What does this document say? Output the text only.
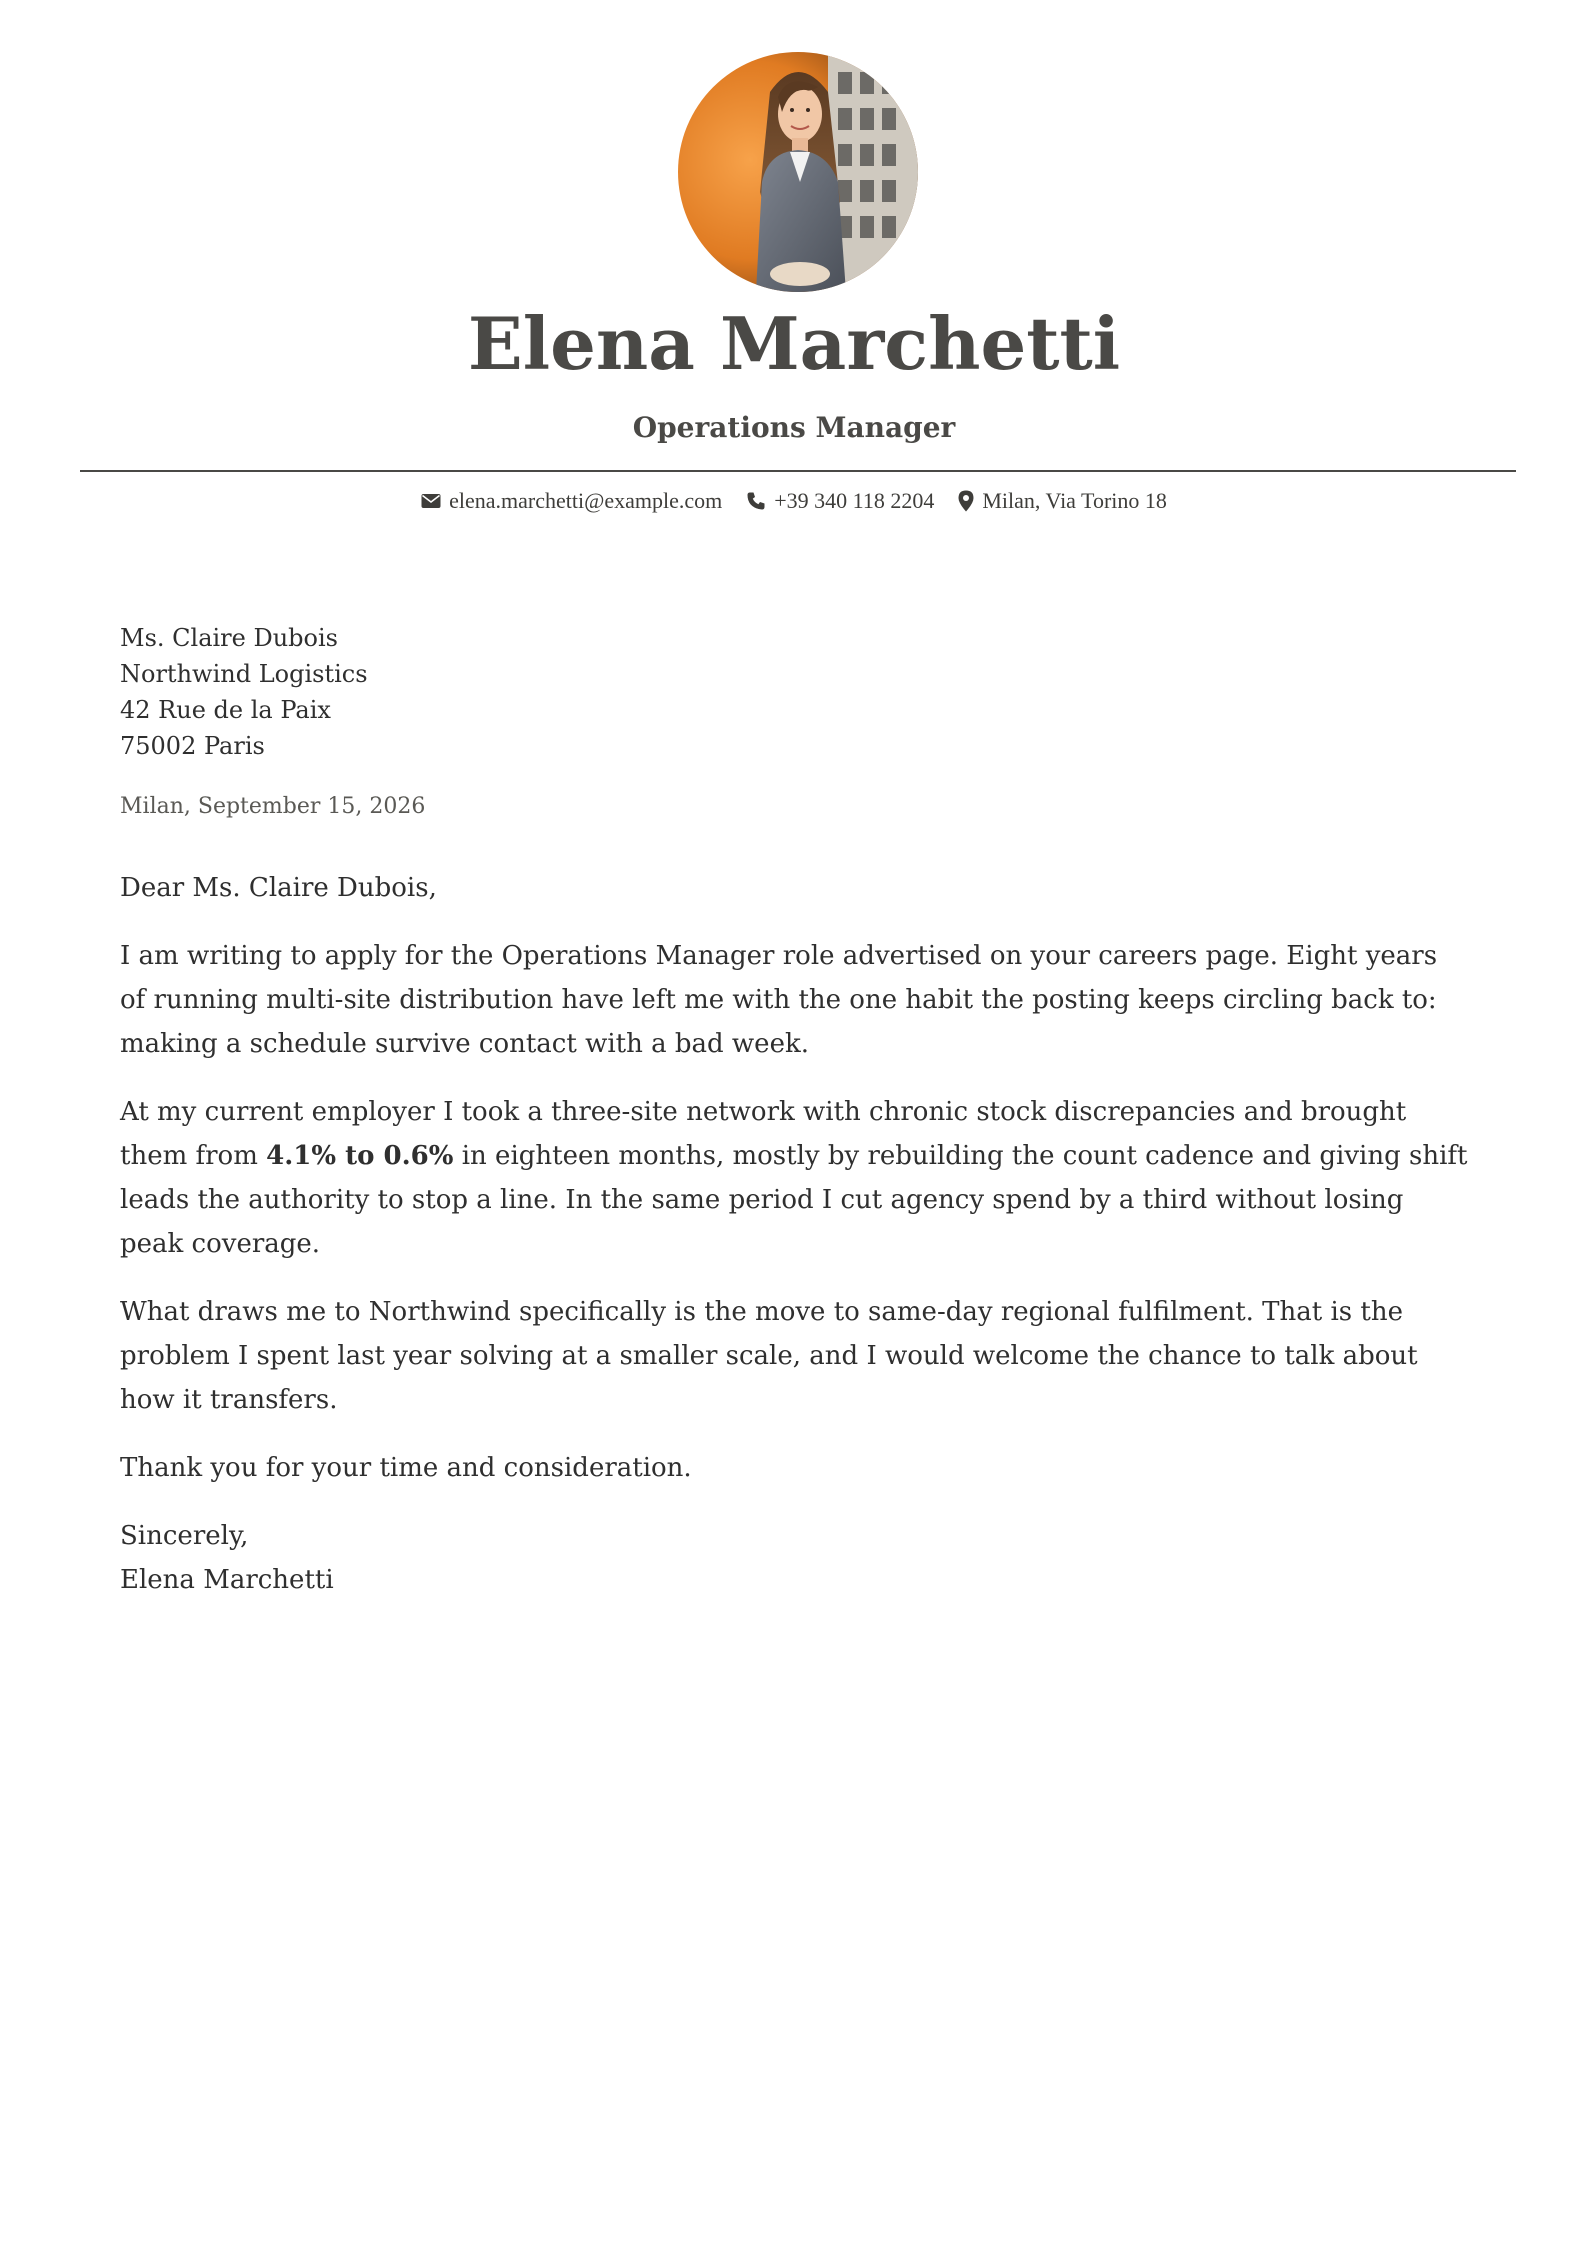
Elena Marchetti
Operations Manager
elena.marchetti@example.com +39 340 118 2204 Milan, Via Torino 18
Ms. Claire Dubois
Northwind Logistics
42 Rue de la Paix
75002 Paris
Milan, September 15, 2026
Dear Ms. Claire Dubois,

I am writing to apply for the Operations Manager role advertised on your careers page. Eight years of running multi-site distribution have left me with the one habit the posting keeps circling back to: making a schedule survive contact with a bad week.

At my current employer I took a three-site network with chronic stock discrepancies and brought them from 4.1% to 0.6% in eighteen months, mostly by rebuilding the count cadence and giving shift leads the authority to stop a line. In the same period I cut agency spend by a third without losing peak coverage.

What draws me to Northwind specifically is the move to same-day regional fulfilment. That is the problem I spent last year solving at a smaller scale, and I would welcome the chance to talk about how it transfers.

Thank you for your time and consideration.

Sincerely,
Elena Marchetti
